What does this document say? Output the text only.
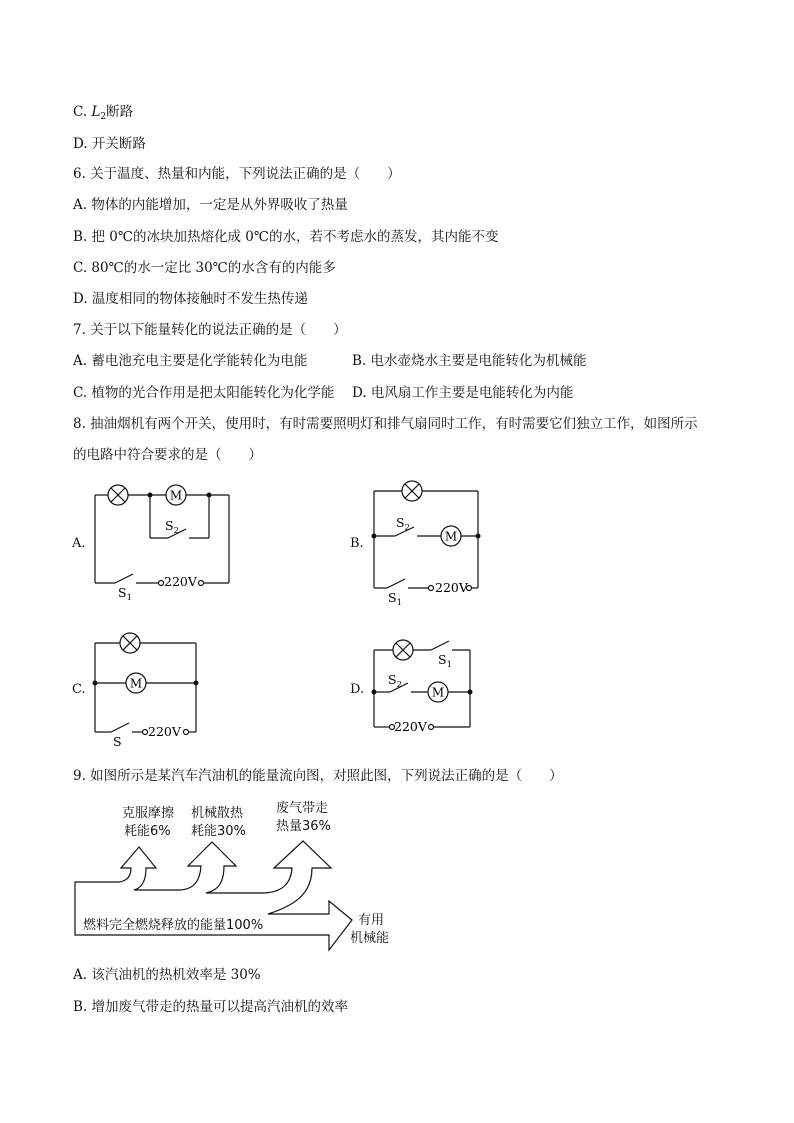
C. $L_2$断路
D. 开关断路
6. 关于温度、热量和内能，下列说法正确的是（　　）
A. 物体的内能增加，一定是从外界吸收了热量
B. 把 0℃的冰块加热熔化成 0℃的水，若不考虑水的蒸发，其内能不变
C. 80℃的水一定比 30℃的水含有的内能多
D. 温度相同的物体接触时不发生热传递
7. 关于以下能量转化的说法正确的是（　　）
A. 蓄电池充电主要是化学能转化为电能	B. 电水壶烧水主要是电能转化为机械能
C. 植物的光合作用是把太阳能转化为化学能 D. 电风扇工作主要是电能转化为内能
8. 抽油烟机有两个开关，使用时，有时需要照明灯和排气扇同时工作，有时需要它们独立工作，如图所示
的电路中符合要求的是（　　）
A.
M
220V
$S_2$
$S_1$
B.	M
220V
$S_2$
$S_1$
C.	M
220V
S
D.	M
220V
$S_1$
$S_2$
9. 如图所示是某汽车汽油机的能量流向图，对照此图，下列说法正确的是（　　）
克服摩擦
耗能6%
机械散热
耗能30%
废气带走
热量36%
燃料完全燃烧释放的能量100%	有用
机械能
A. 该汽油机的热机效率是 30%
B. 增加废气带走的热量可以提高汽油机的效率
